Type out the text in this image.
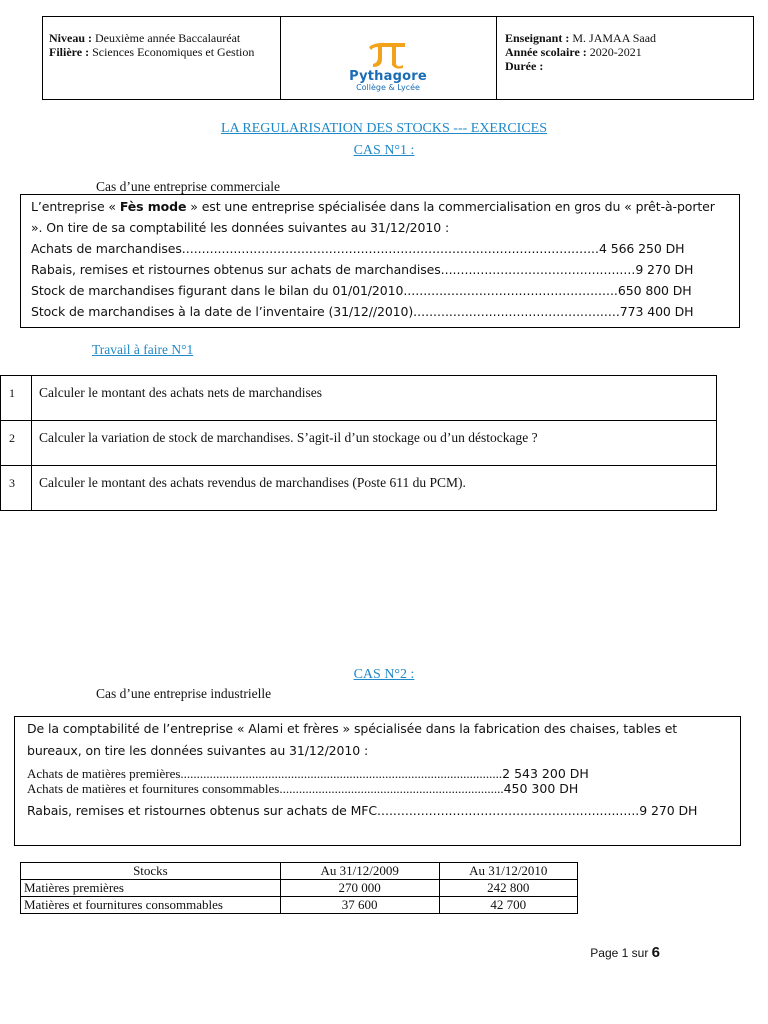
Niveau : Deuxième année Baccalauréat
Filière : Sciences Economiques et Gestion
Pythagore
Collège & Lycée
Enseignant : M. JAMAA Saad
Année scolaire : 2020-2021
Durée :
LA REGULARISATION DES STOCKS --- EXERCICES
CAS N°1 :
Cas d’une entreprise commerciale
L’entreprise « Fès mode » est une entreprise spécialisée dans la commercialisation en gros du « prêt-à-porter
». On tire de sa comptabilité les données suivantes au 31/12/2010 :
Achats de marchandises.........................................................................................................4 566 250 DH
Rabais, remises et ristournes obtenus sur achats de marchandises.................................................9 270 DH
Stock de marchandises figurant dans le bilan du 01/01/2010......................................................650 800 DH
Stock de marchandises à la date de l’inventaire (31/12//2010)....................................................773 400 DH
Travail à faire N°1
1	Calculer le montant des achats nets de marchandises
2	Calculer la variation de stock de marchandises. S’agit-il d’un stockage ou d’un déstockage ?
3	Calculer le montant des achats revendus de marchandises (Poste 611 du PCM).
CAS N°2 :
Cas d’une entreprise industrielle
De la comptabilité de l’entreprise « Alami et frères » spécialisée dans la fabrication des chaises, tables et
bureaux, on tire les données suivantes au 31/12/2010 :
Achats de matières premières...................................................................................................2 543 200 DH
Achats de matières et fournitures consommables.....................................................................450 300 DH
Rabais, remises et ristournes obtenus sur achats de MFC..................................................................9 270 DH
Stocks	Au 31/12/2009	Au 31/12/2010
Matières premières	270 000	242 800
Matières et fournitures consommables	37 600	42 700
Page 1 sur 6
